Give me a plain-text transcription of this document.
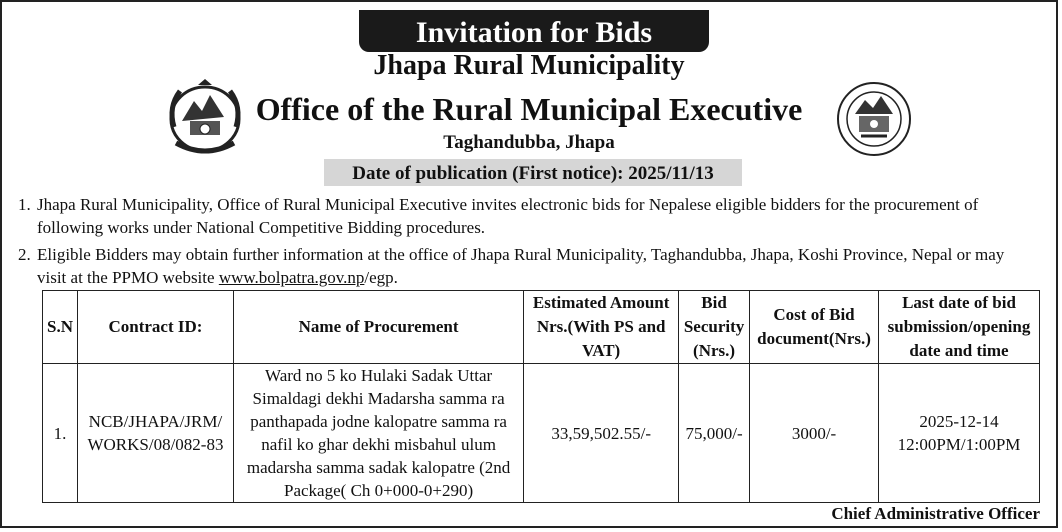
Invitation for Bids
Jhapa Rural Municipality
Office of the Rural Municipal Executive
Taghandubba, Jhapa
Date of publication (First notice): 2025/11/13
1. Jhapa Rural Municipality, Office of Rural Municipal Executive invites electronic bids for Nepalese eligible bidders for the procurement of following works under National Competitive Bidding procedures.
2. Eligible Bidders may obtain further information at the office of Jhapa Rural Municipality, Taghandubba, Jhapa, Koshi Province, Nepal or may visit at the PPMO website www.bolpatra.gov.np/egp.
S.N	Contract ID:	Name of Procurement	Estimated Amount Nrs.(With PS and VAT)	Bid Security (Nrs.)	Cost of Bid document(Nrs.)	Last date of bid submission/opening date and time
1.	NCB/JHAPA/JRM/ WORKS/08/082-83	Ward no 5 ko Hulaki Sadak Uttar Simaldagi dekhi Madarsha samma ra panthapada jodne kalopatre samma ra nafil ko ghar dekhi misbahul ulum madarsha samma sadak kalopatre (2nd Package( Ch 0+000-0+290)	33,59,502.55/-	75,000/-	3000/-	2025-12-14
12:00PM/1:00PM
Chief Administrative Officer
